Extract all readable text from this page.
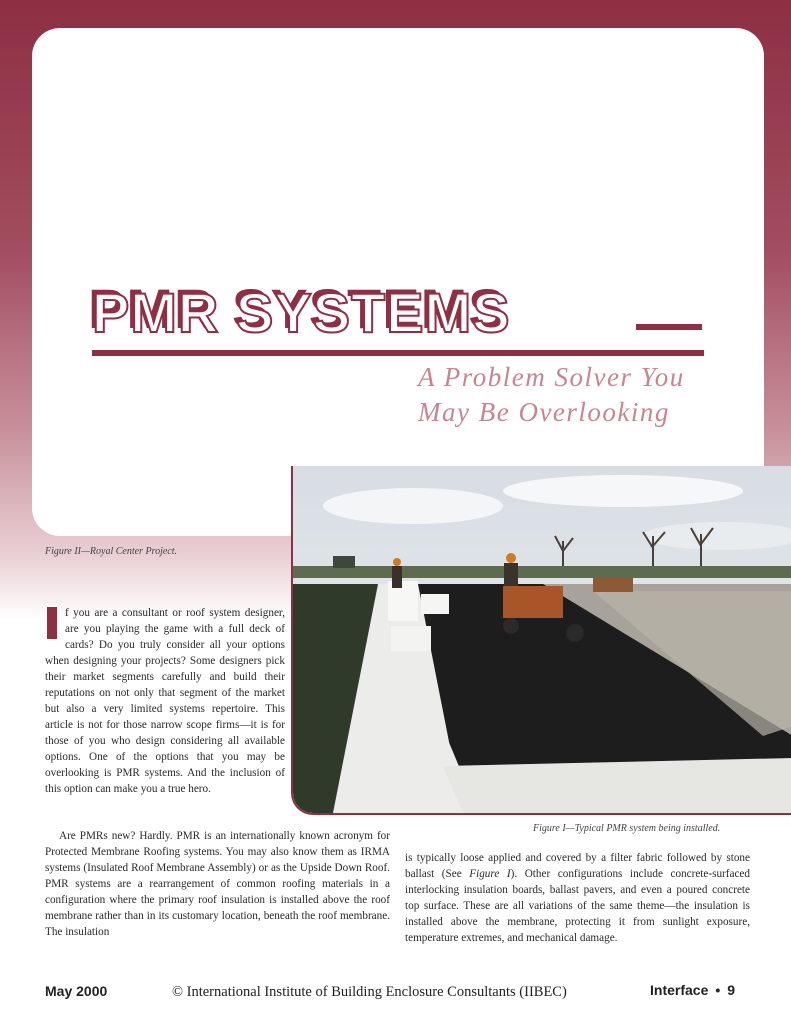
PMR SYSTEMS
A Problem Solver You
May Be Overlooking
Figure II—Royal Center Project.
Figure I—Typical PMR system being installed.

f you are a consultant or roof system designer, are you playing the game with a full deck of cards? Do you truly consider all your options when designing your projects? Some designers pick their market segments carefully and build their reputations on not only that segment of the market but also a very limited systems repertoire. This article is not for those narrow scope firms—it is for those of you who design considering all available options. One of the options that you may be overlooking is PMR systems. And the inclusion of this option can make you a true hero.

Are PMRs new? Hardly. PMR is an internationally known acronym for Protected Membrane Roofing systems. You may also know them as IRMA systems (Insulated Roof Membrane Assembly) or as the Upside Down Roof. PMR systems are a rearrangement of common roofing materials in a configuration where the primary roof insulation is installed above the roof membrane rather than in its customary location, beneath the roof membrane. The insulation

is typically loose applied and covered by a filter fabric followed by stone ballast (See Figure I). Other configurations include concrete-surfaced interlocking insulation boards, ballast pavers, and even a poured concrete top surface. These are all variations of the same theme—the insulation is installed above the membrane, protecting it from sunlight exposure, temperature extremes, and mechanical damage.

May 2000	© International Institute of Building Enclosure Consultants (IIBEC)	Interface • 9
